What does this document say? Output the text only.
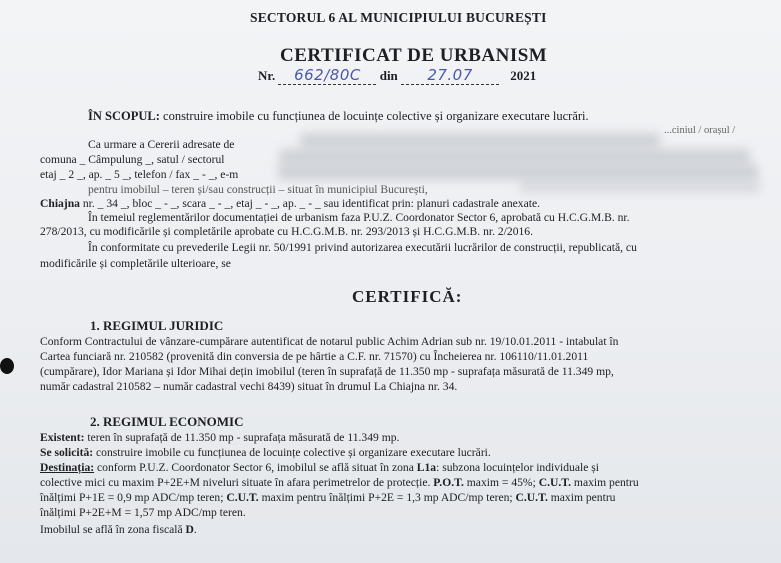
SECTORUL 6 AL MUNICIPIULUI BUCUREȘTI
CERTIFICAT DE URBANISM
Nr. 662/80C din 27.07	2021
ÎN SCOPUL: construire imobile cu funcțiunea de locuințe colective și organizare executare lucrări.
Ca urmare a Cererii adresate de
...ciniul / orașul /
comuna _ Câmpulung _, satul / sectorul
etaj _ 2 _, ap. _ 5 _, telefon / fax _ - _, e-m
pentru imobilul – teren și/sau construcții – situat în municipiul București,
Chiajna nr. _ 34 _, bloc _ - _, scara _ - _, etaj _ - _, ap. _ - _ sau identificat prin: planuri cadastrale anexate.
În temeiul reglementărilor documentației de urbanism faza P.U.Z. Coordonator Sector 6, aprobată cu H.C.G.M.B. nr.
278/2013, cu modificările și completările aprobate cu H.C.G.M.B. nr. 293/2013 și H.C.G.M.B. nr. 2/2016.
În conformitate cu prevederile Legii nr. 50/1991 privind autorizarea executării lucrărilor de construcții, republicată, cu
modificările și completările ulterioare, se
CERTIFICĂ:
1. REGIMUL JURIDIC
Conform Contractului de vânzare-cumpărare autentificat de notarul public Achim Adrian sub nr. 19/10.01.2011 - intabulat în
Cartea funciară nr. 210582 (provenită din conversia de pe hârtie a C.F. nr. 71570) cu Încheierea nr. 106110/11.01.2011
(cumpărare), Idor Mariana și Idor Mihai dețin imobilul (teren în suprafață de 11.350 mp - suprafața măsurată de 11.349 mp,
număr cadastral 210582 – număr cadastral vechi 8439) situat în drumul La Chiajna nr. 34.
2. REGIMUL ECONOMIC
Existent: teren în suprafață de 11.350 mp - suprafața măsurată de 11.349 mp.
Se solicită: construire imobile cu funcțiunea de locuințe colective și organizare executare lucrări.
Destinația: conform P.U.Z. Coordonator Sector 6, imobilul se află situat în zona L1a: subzona locuințelor individuale și
colective mici cu maxim P+2E+M niveluri situate în afara perimetrelor de protecție. P.O.T. maxim = 45%; C.U.T. maxim pentru
înălțimi P+1E = 0,9 mp ADC/mp teren; C.U.T. maxim pentru înălțimi P+2E = 1,3 mp ADC/mp teren; C.U.T. maxim pentru
înălțimi P+2E+M = 1,57 mp ADC/mp teren.
Imobilul se află în zona fiscală D.
